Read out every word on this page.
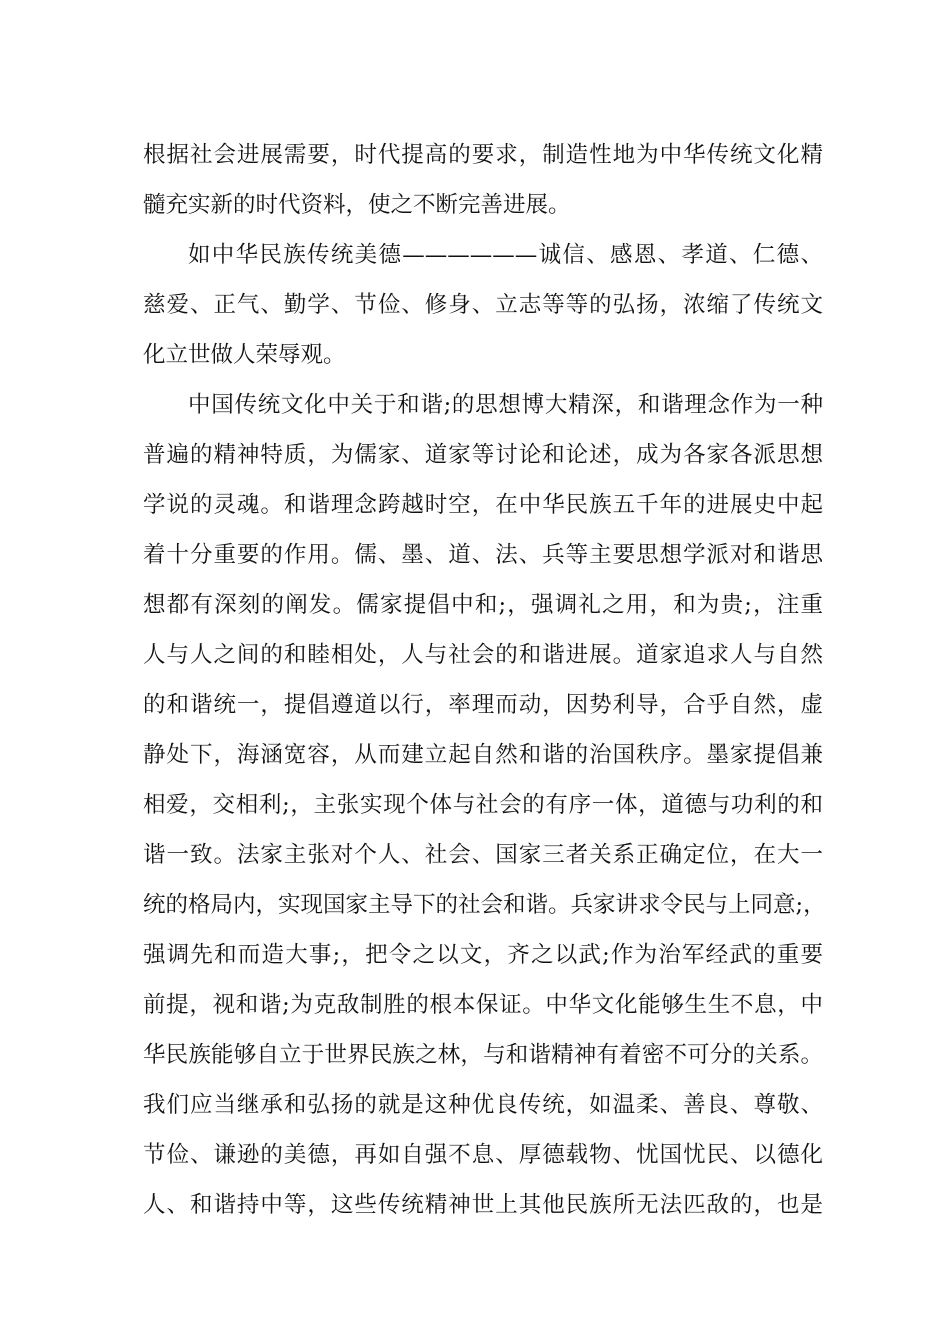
根据社会进展需要，时代提高的要求，制造性地为中华传统文化精
髓充实新的时代资料，使之不断完善进展。
如中华民族传统美德——————诚信、感恩、孝道、仁德、
慈爱、正气、勤学、节俭、修身、立志等等的弘扬，浓缩了传统文
化立世做人荣辱观。
中国传统文化中关于和谐;的思想博大精深，和谐理念作为一种
普遍的精神特质，为儒家、道家等讨论和论述，成为各家各派思想
学说的灵魂。和谐理念跨越时空，在中华民族五千年的进展史中起
着十分重要的作用。儒、墨、道、法、兵等主要思想学派对和谐思
想都有深刻的阐发。儒家提倡中和;，强调礼之用，和为贵;，注重
人与人之间的和睦相处，人与社会的和谐进展。道家追求人与自然
的和谐统一，提倡遵道以行，率理而动，因势利导，合乎自然，虚
静处下，海涵宽容，从而建立起自然和谐的治国秩序。墨家提倡兼
相爱，交相利;，主张实现个体与社会的有序一体，道德与功利的和
谐一致。法家主张对个人、社会、国家三者关系正确定位，在大一
统的格局内，实现国家主导下的社会和谐。兵家讲求令民与上同意;，
强调先和而造大事;，把令之以文，齐之以武;作为治军经武的重要
前提，视和谐;为克敌制胜的根本保证。中华文化能够生生不息，中
华民族能够自立于世界民族之林，与和谐精神有着密不可分的关系。
我们应当继承和弘扬的就是这种优良传统，如温柔、善良、尊敬、
节俭、谦逊的美德，再如自强不息、厚德载物、忧国忧民、以德化
人、和谐持中等，这些传统精神世上其他民族所无法匹敌的，也是
